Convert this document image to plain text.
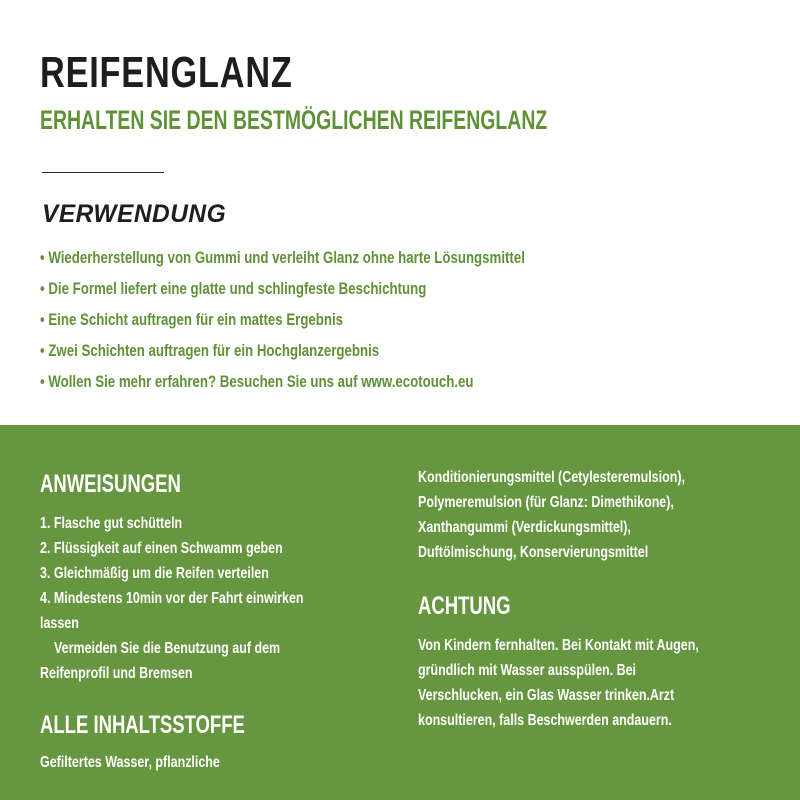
REIFENGLANZ
ERHALTEN SIE DEN BESTMÖGLICHEN REIFENGLANZ
VERWENDUNG
• Wiederherstellung von Gummi und verleiht Glanz ohne harte Lösungsmittel
• Die Formel liefert eine glatte und schlingfeste Beschichtung
• Eine Schicht auftragen für ein mattes Ergebnis
• Zwei Schichten auftragen für ein Hochglanzergebnis
• Wollen Sie mehr erfahren? Besuchen Sie uns auf www.ecotouch.eu
ANWEISUNGEN
1. Flasche gut schütteln
2. Flüssigkeit auf einen Schwamm geben
3. Gleichmäßig um die Reifen verteilen
4. Mindestens 10min vor der Fahrt einwirken
lassen
Vermeiden Sie die Benutzung auf dem
Reifenprofil und Bremsen
ALLE INHALTSSTOFFE
Gefiltertes Wasser, pflanzliche
Konditionierungsmittel (Cetylesteremulsion),
Polymeremulsion (für Glanz: Dimethikone),
Xanthangummi (Verdickungsmittel),
Duftölmischung, Konservierungsmittel
ACHTUNG
Von Kindern fernhalten. Bei Kontakt mit Augen,
gründlich mit Wasser ausspülen. Bei
Verschlucken, ein Glas Wasser trinken.Arzt
konsultieren, falls Beschwerden andauern.
